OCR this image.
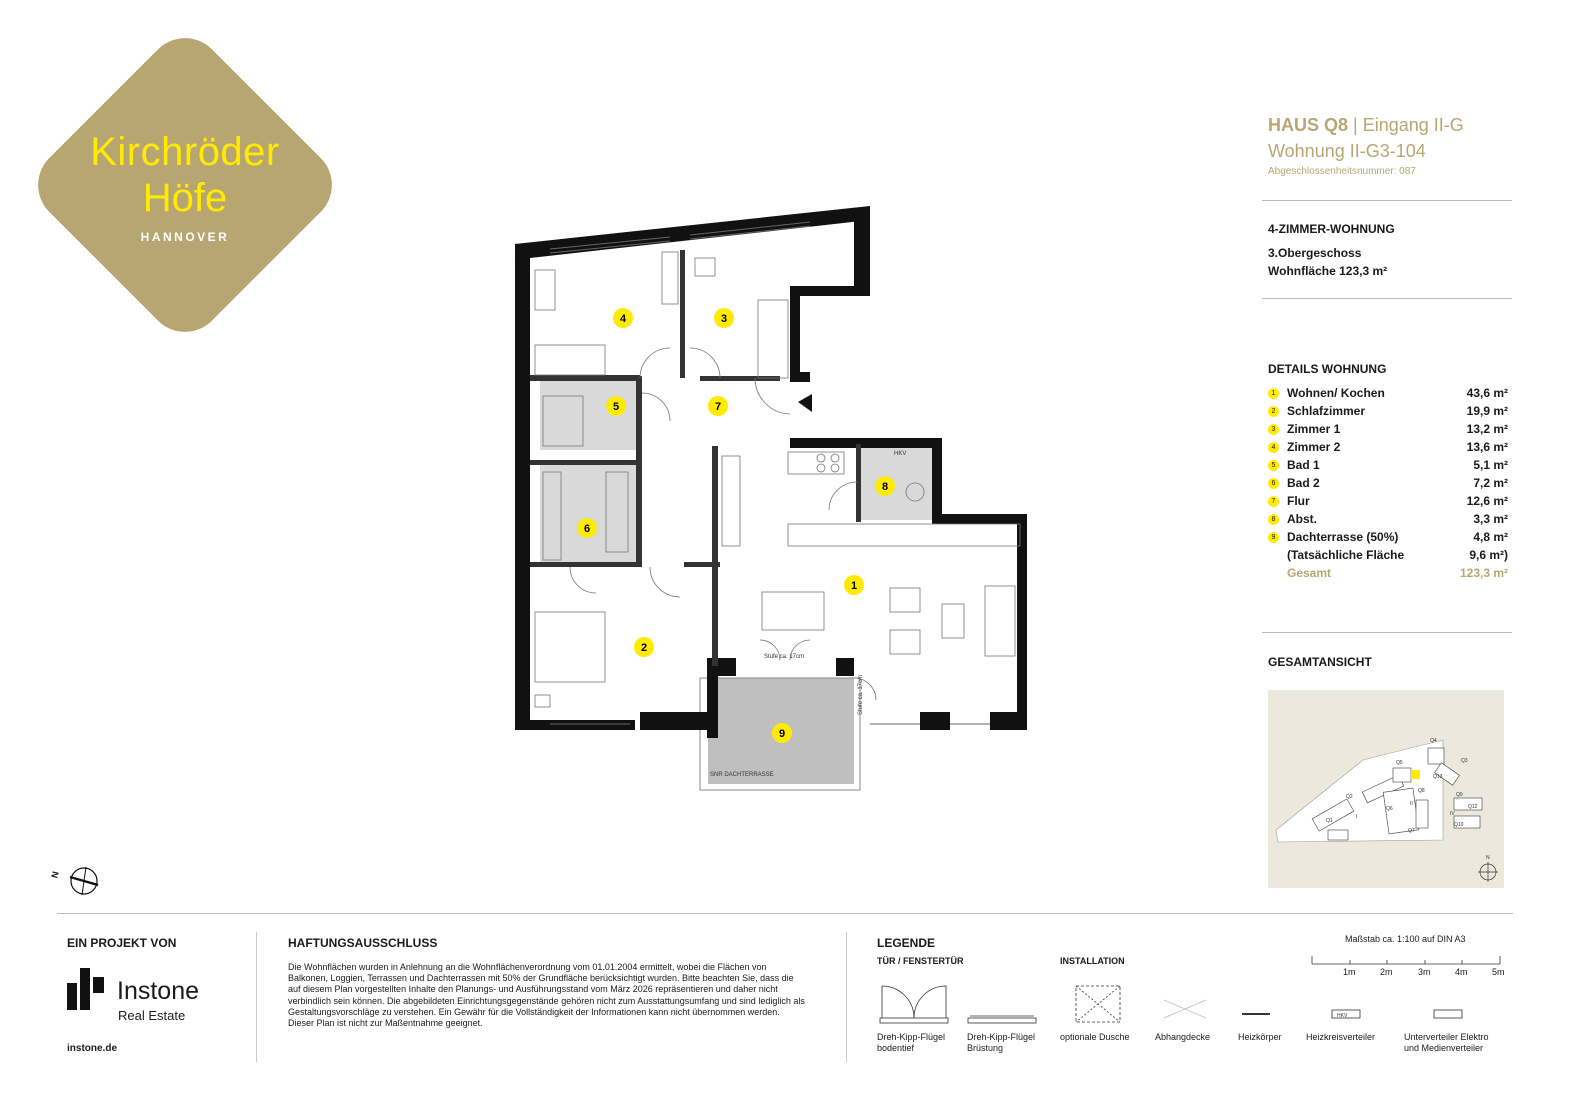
Kirchröder
Höfe
HANNOVER
HAUS Q8 | Eingang II-G
Wohnung II-G3-104
Abgeschlossenheitsnummer: 087
4-ZIMMER-WOHNUNG
3.Obergeschoss
Wohnfläche 123,3 m²
DETAILS WOHNUNG
1 Wohnen/ Kochen	43,6 m²
2 Schlafzimmer	19,9 m²
3 Zimmer 1	13,2 m²
4 Zimmer 2	13,6 m²
5 Bad 1	5,1 m²
6 Bad 2	7,2 m²
7 Flur	12,6 m²
8 Abst.	3,3 m²
9 Dachterrasse (50%)	4,8 m²
(Tatsächliche Fläche	9,6 m²)
Gesamt	123,3 m²
GESAMTANSICHT
Q4
Q3
Q5
Q8
Q2
Q1
Q6
Q7
Q9
Q10
Q12
Q13
I
II
IV
N
SNR DACHTERRASSE
Stufe ca. 17cm
Stufe ca. 17cm
HKV
1
2
3
4
5
6
7
8
9
N
EIN PROJEKT VON
Instone
Real Estate
instone.de
HAFTUNGSAUSSCHLUSS
Die Wohnflächen wurden in Anlehnung an die Wohnflächenverordnung vom 01.01.2004 ermittelt, wobei die Flächen von Balkonen, Loggien, Terrassen und Dachterrassen mit 50% der Grundfläche berücksichtigt wurden. Bitte beachten Sie, dass die auf diesem Plan vorgestellten Inhalte den Planungs- und Ausführungsstand vom März 2026 repräsentieren und daher nicht verbindlich sein können. Die abgebildeten Einrichtungsgegenstände gehören nicht zum Ausstattungsumfang und sind lediglich als Gestaltungsvorschläge zu verstehen. Ein Gewähr für die Vollständigkeit der Informationen kann nicht übernommen werden. Dieser Plan ist nicht zur Maßentnahme geeignet.
LEGENDE
TÜR / FENSTERTÜR	INSTALLATION
HKV
Dreh-Kipp-Flügel
bodentief
Dreh-Kipp-Flügel
Brüstung
optionale Dusche	Abhangdecke	Heizkörper	Heizkreisverteiler	Unterverteiler Elektro
und Medienverteiler
Maßstab ca. 1:100 auf DIN A3
1m	2m	3m	4m	5m
